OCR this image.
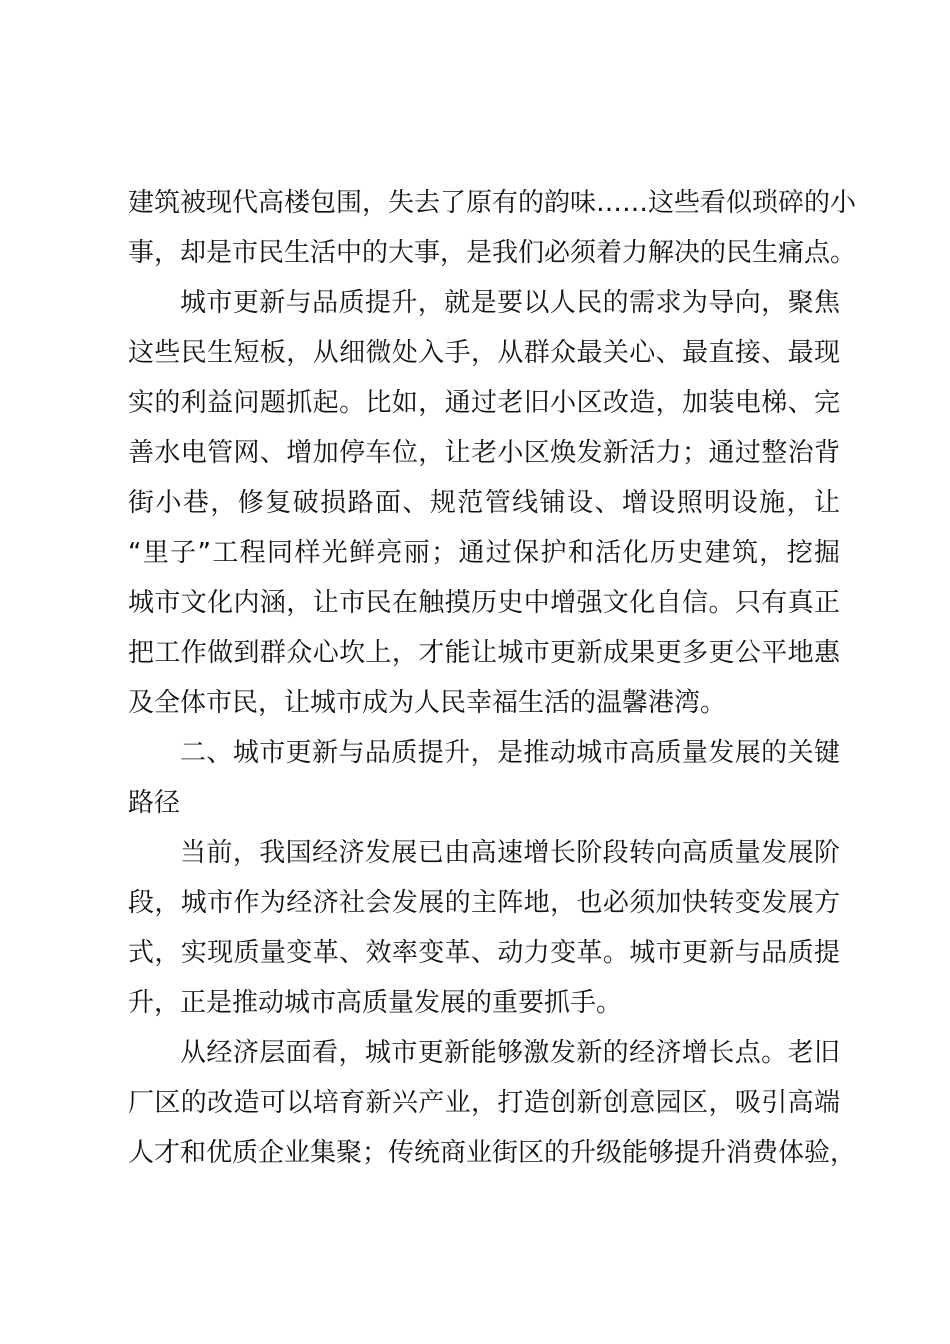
建筑被现代高楼包围，失去了原有的韵味……这些看似琐碎的小
事，却是市民生活中的大事，是我们必须着力解决的民生痛点。
城市更新与品质提升，就是要以人民的需求为导向，聚焦
这些民生短板，从细微处入手，从群众最关心、最直接、最现
实的利益问题抓起。比如，通过老旧小区改造，加装电梯、完
善水电管网、增加停车位，让老小区焕发新活力；通过整治背
街小巷，修复破损路面、规范管线铺设、增设照明设施，让
“里子”工程同样光鲜亮丽；通过保护和活化历史建筑，挖掘
城市文化内涵，让市民在触摸历史中增强文化自信。只有真正
把工作做到群众心坎上，才能让城市更新成果更多更公平地惠
及全体市民，让城市成为人民幸福生活的温馨港湾。
二、城市更新与品质提升，是推动城市高质量发展的关键
路径
当前，我国经济发展已由高速增长阶段转向高质量发展阶
段，城市作为经济社会发展的主阵地，也必须加快转变发展方
式，实现质量变革、效率变革、动力变革。城市更新与品质提
升，正是推动城市高质量发展的重要抓手。
从经济层面看，城市更新能够激发新的经济增长点。老旧
厂区的改造可以培育新兴产业，打造创新创意园区，吸引高端
人才和优质企业集聚；传统商业街区的升级能够提升消费体验，
